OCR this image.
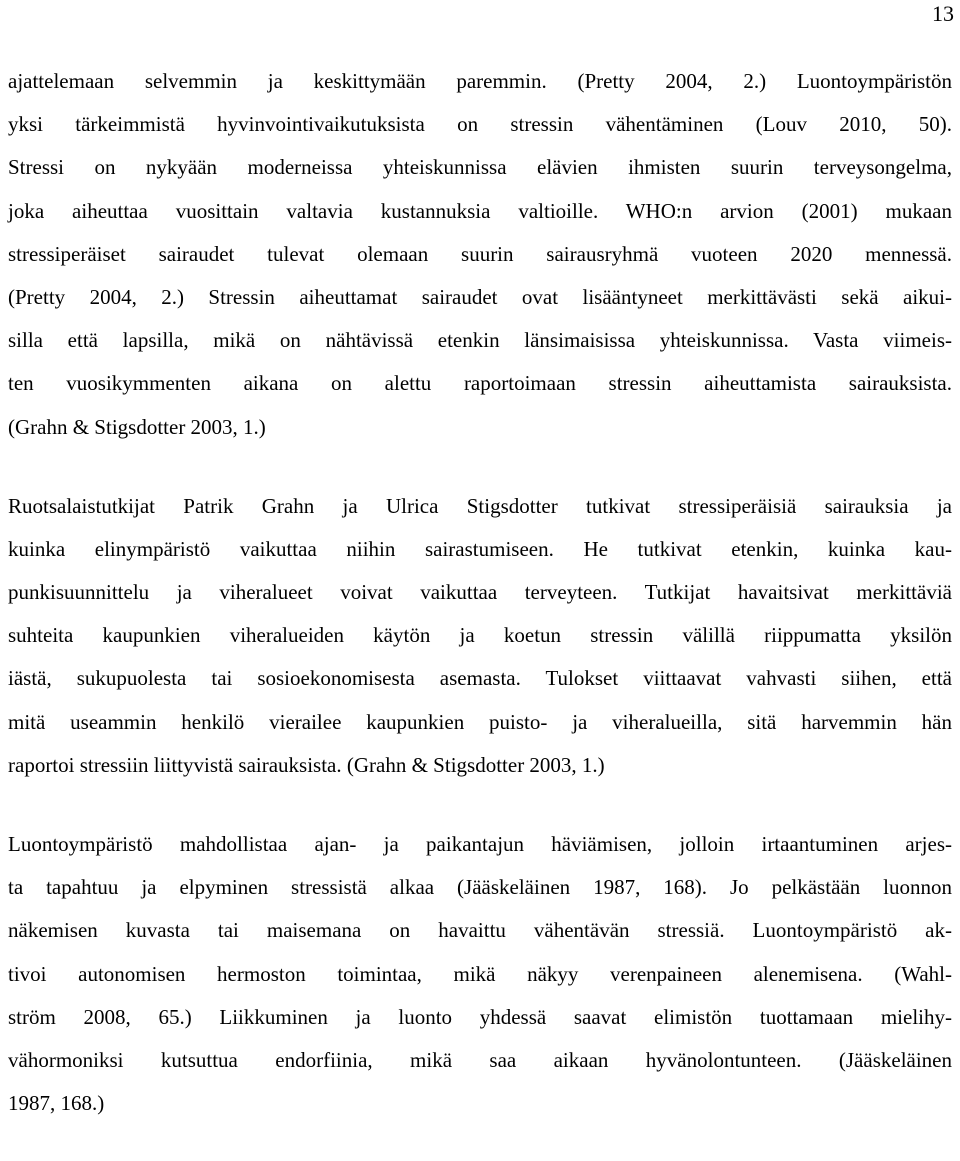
13

ajattelemaan selvemmin ja keskittymään paremmin. (Pretty 2004, 2.) Luontoympäristön
yksi tärkeimmistä hyvinvointivaikutuksista on stressin vähentäminen (Louv 2010, 50).
Stressi on nykyään moderneissa yhteiskunnissa elävien ihmisten suurin terveysongelma,
joka aiheuttaa vuosittain valtavia kustannuksia valtioille. WHO:n arvion (2001) mukaan
stressiperäiset sairaudet tulevat olemaan suurin sairausryhmä vuoteen 2020 mennessä.
(Pretty 2004, 2.) Stressin aiheuttamat sairaudet ovat lisääntyneet merkittävästi sekä aikui-
silla että lapsilla, mikä on nähtävissä etenkin länsimaisissa yhteiskunnissa. Vasta viimeis-
ten vuosikymmenten aikana on alettu raportoimaan stressin aiheuttamista sairauksista.
(Grahn & Stigsdotter 2003, 1.)
Ruotsalaistutkijat Patrik Grahn ja Ulrica Stigsdotter tutkivat stressiperäisiä sairauksia ja
kuinka elinympäristö vaikuttaa niihin sairastumiseen. He tutkivat etenkin, kuinka kau-
punkisuunnittelu ja viheralueet voivat vaikuttaa terveyteen. Tutkijat havaitsivat merkittäviä
suhteita kaupunkien viheralueiden käytön ja koetun stressin välillä riippumatta yksilön
iästä, sukupuolesta tai sosioekonomisesta asemasta. Tulokset viittaavat vahvasti siihen, että
mitä useammin henkilö vierailee kaupunkien puisto- ja viheralueilla, sitä harvemmin hän
raportoi stressiin liittyvistä sairauksista. (Grahn & Stigsdotter 2003, 1.)
Luontoympäristö mahdollistaa ajan- ja paikantajun häviämisen, jolloin irtaantuminen arjes-
ta tapahtuu ja elpyminen stressistä alkaa (Jääskeläinen 1987, 168). Jo pelkästään luonnon
näkemisen kuvasta tai maisemana on havaittu vähentävän stressiä. Luontoympäristö ak-
tivoi autonomisen hermoston toimintaa, mikä näkyy verenpaineen alenemisena. (Wahl-
ström 2008, 65.) Liikkuminen ja luonto yhdessä saavat elimistön tuottamaan mielihy-
vähormoniksi kutsuttua endorfiinia, mikä saa aikaan hyvänolontunteen. (Jääskeläinen
1987, 168.)
